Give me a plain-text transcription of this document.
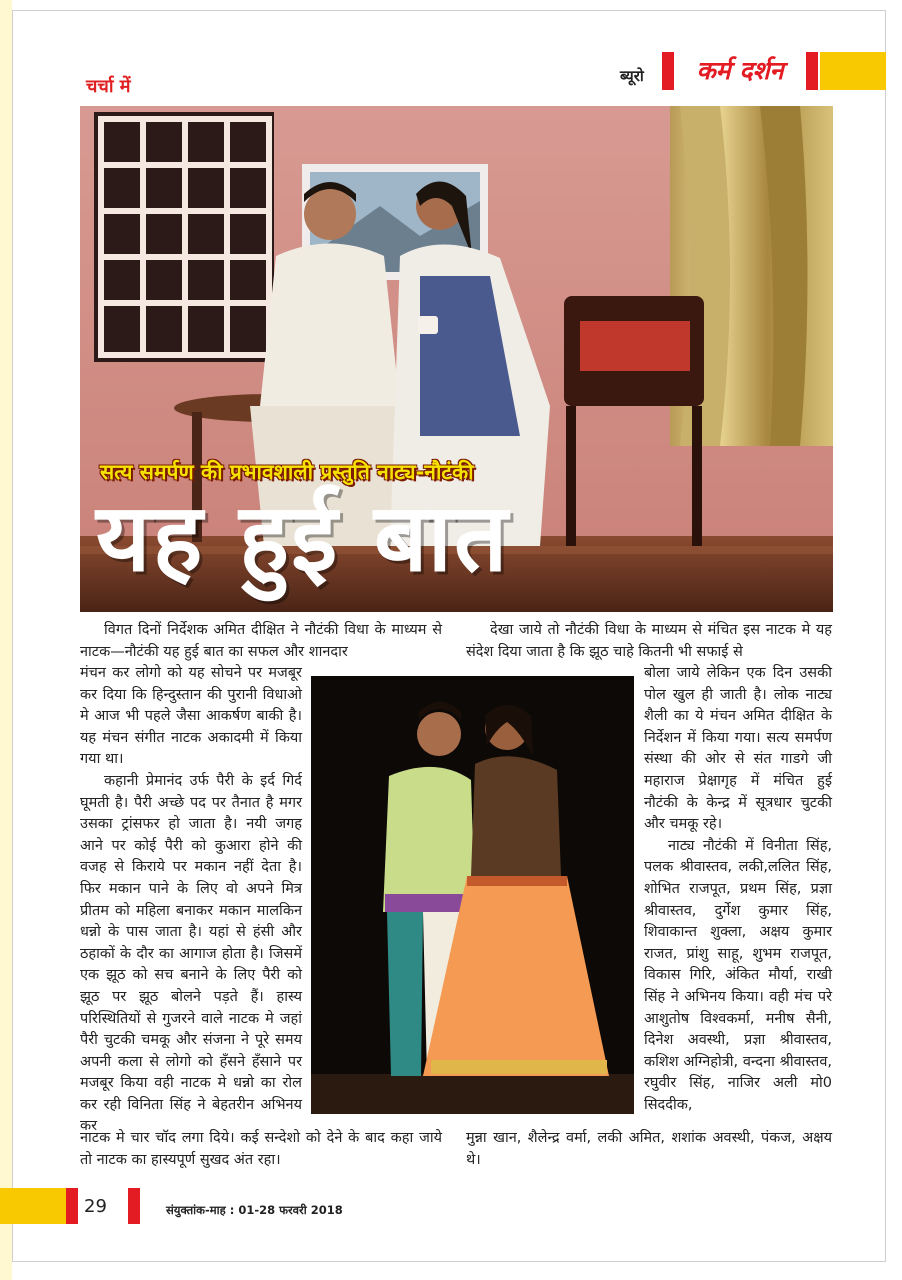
चर्चा में	ब्यूरो	कर्म दर्शन
सत्य समर्पण की प्रभावशाली प्रस्तुति नाट्य-नौटंकी
यह हुई बात

विगत दिनों निर्देशक अमित दीक्षित ने नौटंकी विधा के माध्यम से नाटक—नौटंकी यह हुई बात का सफल और शानदार

मंचन कर लोगो को यह सोचने पर मजबूर कर दिया कि हिन्दुस्तान की पुरानी विधाओ मे आज भी पहले जैसा आकर्षण बाकी है। यह मंचन संगीत नाटक अकादमी में किया गया था।

कहानी प्रेमानंद उर्फ पैरी के इर्द गिर्द घूमती है। पैरी अच्छे पद पर तैनात है मगर उसका ट्रांसफर हो जाता है। नयी जगह आने पर कोई पैरी को कुआरा होने की वजह से किराये पर मकान नहीं देता है। फिर मकान पाने के लिए वो अपने मित्र प्रीतम को महिला बनाकर मकान मालकिन धन्नो के पास जाता है। यहां से हंसी और ठहाकों के दौर का आगाज होता है। जिसमें एक झूठ को सच बनाने के लिए पैरी को झूठ पर झूठ बोलने पड़ते हैं। हास्य परिस्थितियों से गुजरने वाले नाटक मे जहां पैरी चुटकी चमकू और संजना ने पूरे समय अपनी कला से लोगो को हँसने हँसाने पर मजबूर किया वही नाटक मे धन्नो का रोल कर रही विनिता सिंह ने बेहतरीन अभिनय कर

नाटक मे चार चॉद लगा दिये। कई सन्देशो को देने के बाद कहा जाये तो नाटक का हास्यपूर्ण सुखद अंत रहा।

देखा जाये तो नौटंकी विधा के माध्यम से मंचित इस नाटक मे यह संदेश दिया जाता है कि झूठ चाहे कितनी भी सफाई से

बोला जाये लेकिन एक दिन उसकी पोल खुल ही जाती है। लोक नाट्य शैली का ये मंचन अमित दीक्षित के निर्देशन में किया गया। सत्य समर्पण संस्था की ओर से संत गाडगे जी महाराज प्रेक्षागृह में मंचित हुई नौटंकी के केन्द्र में सूत्रधार चुटकी और चमकू रहे।

नाट्य नौटंकी में विनीता सिंह, पलक श्रीवास्तव, लकी,ललित सिंह, शोभित राजपूत, प्रथम सिंह, प्रज्ञा श्रीवास्तव, दुर्गेश कुमार सिंह, शिवाकान्त शुक्ला, अक्षय कुमार राजत, प्रांशु साहू, शुभम राजपूत, विकास गिरि, अंकित मौर्या, राखी सिंह ने अभिनय किया। वही मंच परे आशुतोष विश्वकर्मा, मनीष सैनी, दिनेश अवस्थी, प्रज्ञा श्रीवास्तव, कशिश अग्निहोत्री, वन्दना श्रीवास्तव, रघुवीर सिंह, नाजिर अली मो0 सिददीक,

मुन्ना खान, शैलेन्द्र वर्मा, लकी अमित, शशांक अवस्थी, पंकज, अक्षय थे।

29	संयुक्तांक-माह : 01-28 फरवरी 2018
